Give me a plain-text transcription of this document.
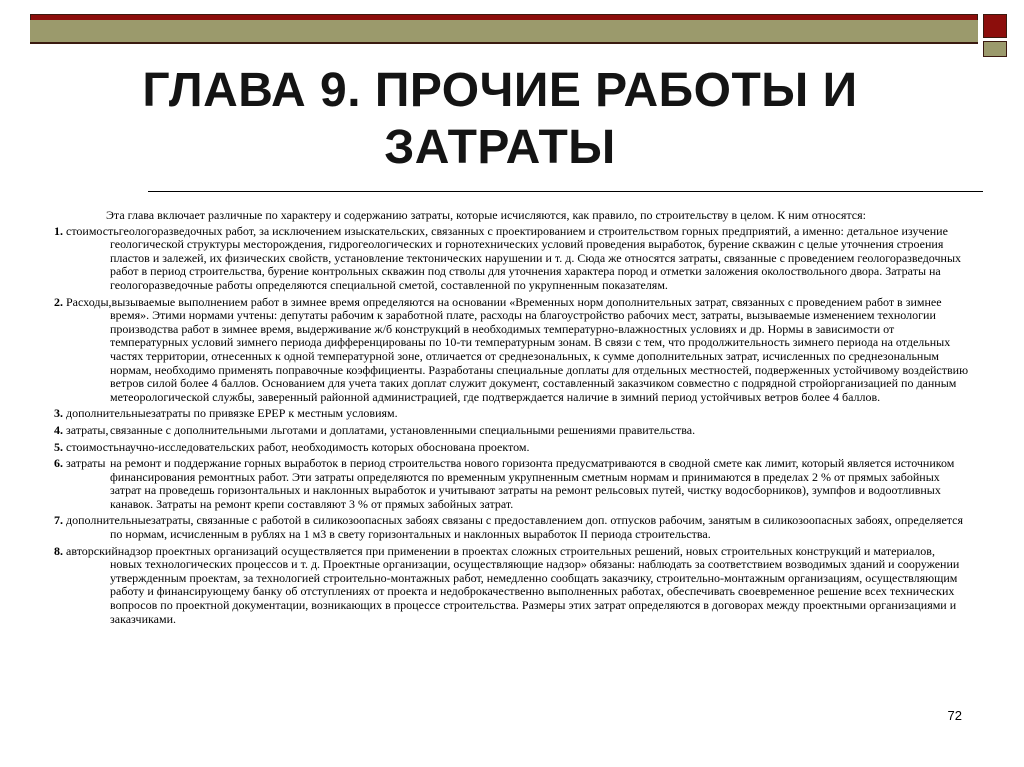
ГЛАВА 9. ПРОЧИЕ РАБОТЫ И ЗАТРАТЫ
Эта глава включает различные по характеру и содержанию затраты, которые исчисляются, как правило, по строительству в целом. К ним относятся:
1. стоимость геологоразведочных работ, за исключением изыскательских, связанных с проектированием и строительством горных предприятий, а именно: детальное изучение геологической структуры месторождения, гидрогеологических и горнотехнических условий проведения выработок, бурение скважин с целые уточнения строения пластов и залежей, их физических свойств, установление тектонических нарушении и т. д. Сюда же относятся затраты, связанные с проведением геологоразведочных работ в период строительства, бурение контрольных скважин под стволы для уточнения характера пород и отметки заложения околоствольного двора. Затраты на геологоразведочные работы определяются специальной сметой, составленной по укрупненным показателям.
2. Расходы, вызываемые выполнением работ в зимнее время определяются на основании «Временных норм дополнительных затрат, связанных с проведением работ в зимнее время». Этими нормами учтены: депутаты рабочим к заработной плате, расходы на благоустройство рабочих мест, затраты, вызываемые изменением технологии производства работ в зимнее время, выдерживание ж/б конструкций в необходимых температурно-влажностных условиях и др. Нормы в зависимости от температурных условий зимнего периода дифференцированы по 10-ти температурным зонам. В связи с тем, что продолжительность зимнего периода на отдельных частях территории, отнесенных к одной температурной зоне, отличается от среднезональных, к сумме дополнительных затрат, исчисленных по среднезональным нормам, необходимо применять поправочные коэффициенты. Разработаны специальные доплаты для отдельных местностей, подверженных устойчивому воздействию ветров силой более 4 баллов. Основанием для учета таких доплат служит документ, составленный заказчиком совместно с подрядной стройорганизацией по данным метеорологической службы, заверенный районной администрацией, где подтверждается наличие в зимний период устойчивых ветров более 4 баллов.
3. дополнительные затраты по привязке ЕРЕР к местным условиям.
4. затраты, связанные с дополнительными льготами и доплатами, установленными специальными решениями правительства.
5. стоимость научно-исследовательских работ, необходимость которых обоснована проектом.
6. затраты на ремонт и поддержание горных выработок в период строительства нового горизонта предусматриваются в сводной смете как лимит, который является источником финансирования ремонтных работ. Эти затраты определяются по временным укрупненным сметным нормам и принимаются в пределах 2 % от прямых забойных затрат на проведешь горизонтальных и наклонных выработок и учитывают затраты на ремонт рельсовых путей, чистку водосборников), зумпфов и водоотливных канавок. Затраты на ремонт крепи составляют 3 % от прямых забойных затрат.
7. дополнительные затраты, связанные с работой в силикозоопасных забоях связаны с предоставлением доп. отпусков рабочим, занятым в силикозоопасных забоях, определяется по нормам, исчисленным в рублях на 1 м3 в свету горизонтальных и наклонных выработок II периода строительства.
8. авторский надзор проектных организаций осуществляется при применении в проектах сложных строительных решений, новых строительных конструкций и материалов, новых технологических процессов и т. д. Проектные организации, осуществляющие надзор» обязаны: наблюдать за соответствием возводимых зданий и сооружении утвержденным проектам, за технологией строительно-монтажных работ, немедленно сообщать заказчику, строительно-монтажным организациям, осуществляющим работу и финансирующему банку об отступлениях от проекта и недоброкачественно выполненных работах, обеспечивать своевременное решение всех технических вопросов по проектной документации, возникающих в процессе строительства. Размеры этих затрат определяются в договорах между проектными организациями и заказчиками.
72
